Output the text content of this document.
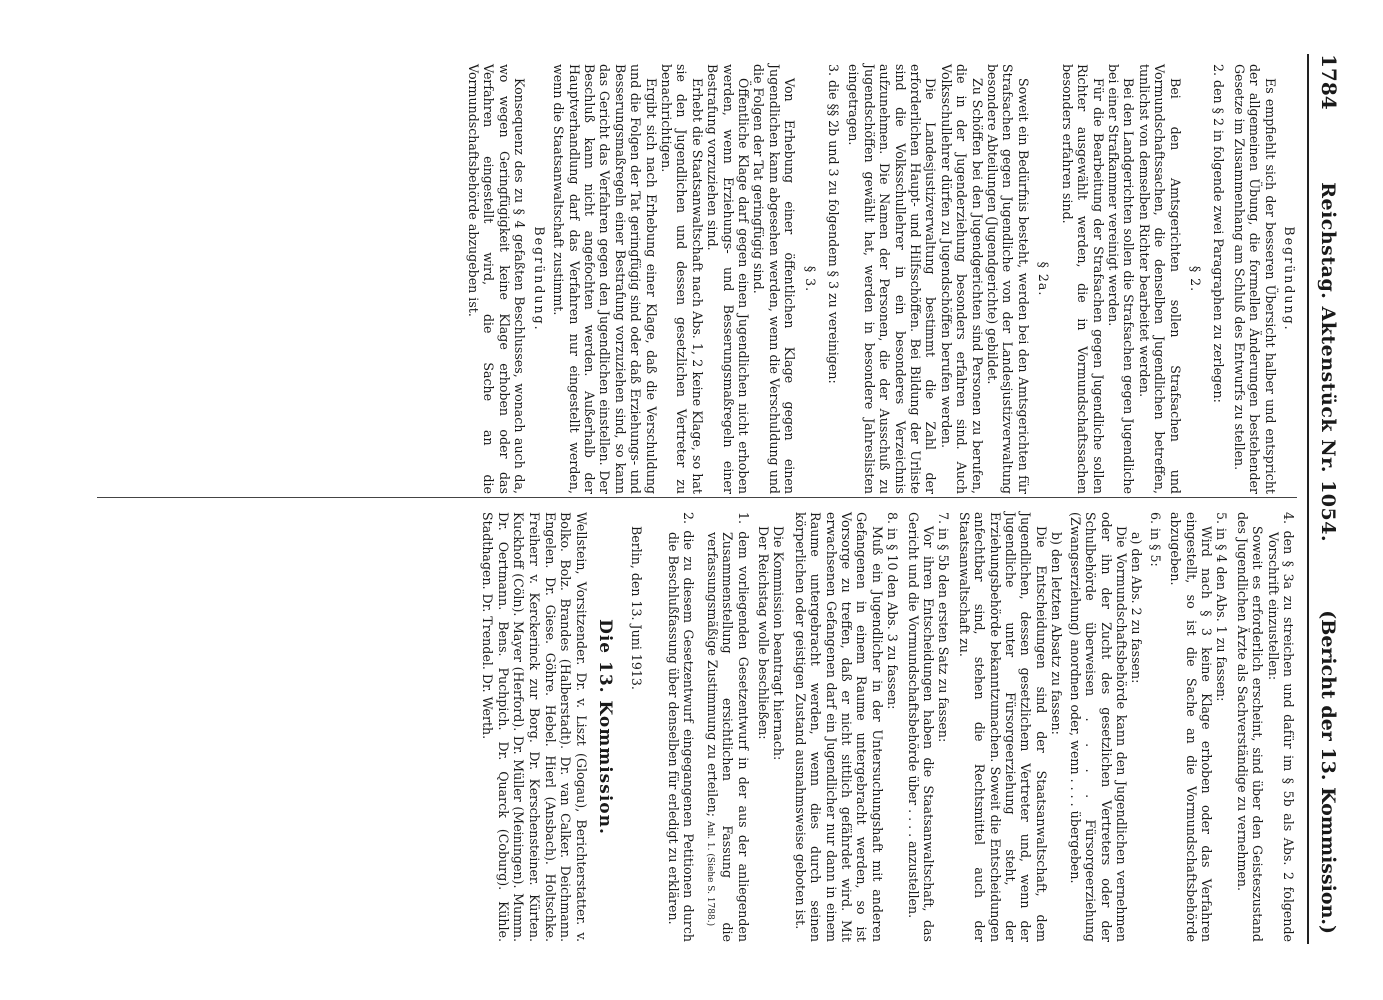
1784
Reichstag. Aktenstück Nr. 1054.
(Bericht der 13. Kommission.)

Begründung.

Es empfiehlt sich der besseren Übersicht halber und entspricht der allgemeinen Übung, die formellen Änderungen bestehender Gesetze im Zusammenhang am Schluß des Entwurfs zu stellen.

2. den § 2 in folgende zwei Paragraphen zu zerlegen:

§ 2.

Bei den Amtsgerichten sollen Strafsachen und Vormundschaftssachen, die denselben Jugendlichen betreffen, tunlichst von demselben Richter bearbeitet werden.

Bei den Landgerichten sollen die Strafsachen gegen Jugendliche bei einer Strafkammer vereinigt werden.

Für die Bearbeitung der Strafsachen gegen Jugendliche sollen Richter ausgewählt werden, die in Vormundschaftssachen besonders erfahren sind.

§ 2a.

Soweit ein Bedürfnis besteht, werden bei den Amtsgerichten für Strafsachen gegen Jugendliche von der Landesjustizverwaltung besondere Abteilungen (Jugendgerichte) gebildet.

Zu Schöffen bei den Jugendgerichten sind Personen zu berufen, die in der Jugenderziehung besonders erfahren sind. Auch Volksschullehrer dürfen zu Jugendschöffen berufen werden.

Die Landesjustizverwaltung bestimmt die Zahl der erforderlichen Haupt- und Hilfsschöffen. Bei Bildung der Urliste sind die Volksschullehrer in ein besonderes Verzeichnis aufzunehmen. Die Namen der Personen, die der Ausschuß zu Jugendschöffen gewählt hat, werden in besondere Jahreslisten eingetragen.

3. die §§ 2b und 3 zu folgendem § 3 zu vereinigen:

§ 3.

Von Erhebung einer öffentlichen Klage gegen einen Jugendlichen kann abgesehen werden, wenn die Verschuldung und die Folgen der Tat geringfügig sind.

Öffentliche Klage darf gegen einen Jugendlichen nicht erhoben werden, wenn Erziehungs- und Besserungsmaßregeln einer Bestrafung vorzuziehen sind.

Erhebt die Staatsanwaltschaft nach Abs. 1, 2 keine Klage, so hat sie den Jugendlichen und dessen gesetzlichen Vertreter zu benachrichtigen.

Ergibt sich nach Erhebung einer Klage, daß die Verschuldung und die Folgen der Tat geringfügig sind oder daß Erziehungs- und Besserungsmaßregeln einer Bestrafung vorzuziehen sind, so kann das Gericht das Verfahren gegen den Jugendlichen einstellen. Der Beschluß kann nicht angefochten werden. Außerhalb der Hauptverhandlung darf das Verfahren nur eingestellt werden, wenn die Staatsanwaltschaft zustimmt.

Begründung.

Konsequenz des zu § 4 gefaßten Beschlusses, wonach auch da, wo wegen Geringfügigkeit keine Klage erhoben oder das Verfahren eingestellt wird, die Sache an die Vormundschaftsbehörde abzugeben ist.

4. den § 3a zu streichen und dafür im § 5b als Abs. 2 folgende Vorschrift einzustellen:

Soweit es erforderlich erscheint, sind über den Geisteszustand des Jugendlichen Ärzte als Sachverständige zu vernehmen.

5. in § 4 den Abs. 1 zu fassen:

Wird nach § 3 keine Klage erhoben oder das Verfahren eingestellt, so ist die Sache an die Vormundschaftsbehörde abzugeben.

6. in § 5:

a) den Abs. 2 zu fassen:

Die Vormundschaftsbehörde kann den Jugendlichen vernehmen oder ihn der Zucht des gesetzlichen Vertreters oder der Schulbehörde überweisen . . . . Fürsorgeerziehung (Zwangserziehung) anordnen oder, wenn . . . . übergeben.

b) den letzten Absatz zu fassen:

Die Entscheidungen sind der Staatsanwaltschaft, dem Jugendlichen, dessen gesetzlichem Vertreter und, wenn der Jugendliche unter Fürsorgeerziehung steht, der Erziehungsbehörde bekanntzumachen. Soweit die Entscheidungen anfechtbar sind, stehen die Rechtsmittel auch der Staatsanwaltschaft zu.

7. in § 5b den ersten Satz zu fassen:

Vor ihren Entscheidungen haben die Staatsanwaltschaft, das Gericht und die Vormundschaftsbehörde über . . . . anzustellen.

8. in § 10 den Abs. 3 zu fassen:

Muß ein Jugendlicher in der Untersuchungshaft mit anderen Gefangenen in einem Raume untergebracht werden, so ist Vorsorge zu treffen, daß er nicht sittlich gefährdet wird. Mit erwachsenen Gefangenen darf ein Jugendlicher nur dann in einem Raume untergebracht werden, wenn dies durch seinen körperlichen oder geistigen Zustand ausnahmsweise geboten ist.

Die Kommission beantragt hiernach:

Der Reichstag wolle beschließen:

1. dem vorliegenden Gesetzentwurf in der aus der anliegenden Zusammenstellung ersichtlichen Fassung die verfassungsmäßige Zustimmung zu erteilen; Anl. 1. (Siehe S. 1788.)

2. die zu diesem Gesetzentwurf eingegangenen Petitionen durch die Beschlußfassung über denselben für erledigt zu erklären.

Berlin, den 13. Juni 1913.

Die 13. Kommission.

Wellstein, Vorsitzender. Dr. v. Liszt (Glogau), Berichterstatter. v. Bolko. Bolz. Brandes (Halberstadt). Dr. van Calker. Deichmann. Engelen. Dr. Giese. Göhre. Hebel. Hierl (Ansbach). Holtschke. Freiherr v. Kerckerinck zur Borg. Dr. Kerschensteiner. Kürten. Kuckhoff (Cöln). Mayer (Herford). Dr. Müller (Meiningen). Mumm. Dr. Oertmann. Bens. Puchpich. Dr. Quarck (Coburg). Kühle. Stadthagen. Dr. Trendel. Dr. Werth.
